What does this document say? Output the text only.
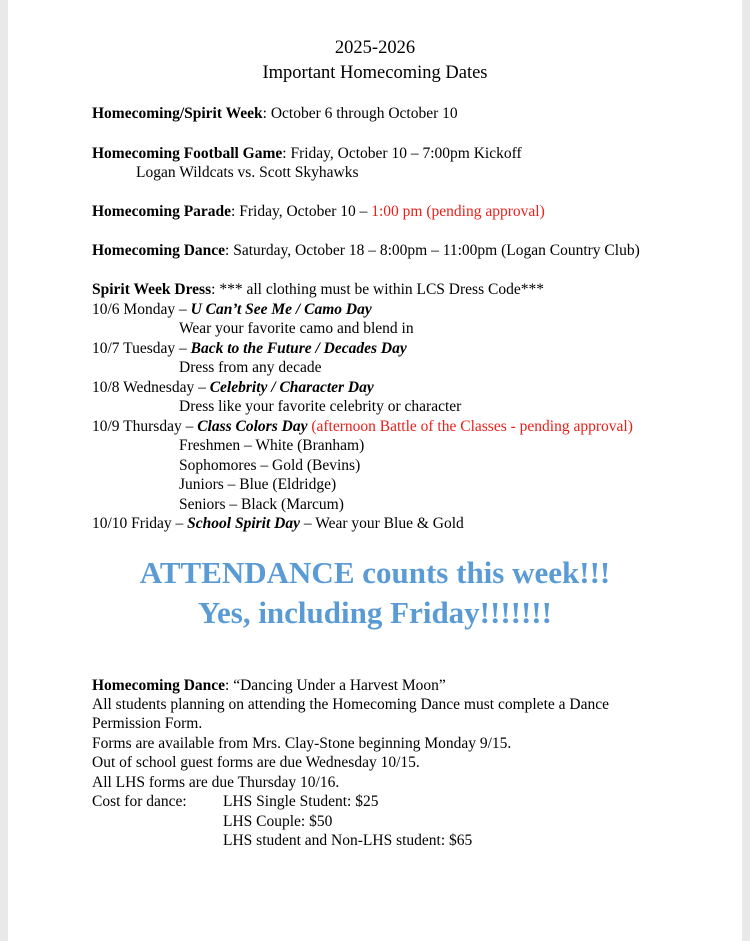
2025-2026
Important Homecoming Dates
Homecoming/Spirit Week: October 6 through October 10
Homecoming Football Game: Friday, October 10 – 7:00pm Kickoff
Logan Wildcats vs. Scott Skyhawks
Homecoming Parade: Friday, October 10 – 1:00 pm (pending approval)
Homecoming Dance: Saturday, October 18 – 8:00pm – 11:00pm (Logan Country Club)
Spirit Week Dress: *** all clothing must be within LCS Dress Code***
10/6 Monday – U Can’t See Me / Camo Day
Wear your favorite camo and blend in
10/7 Tuesday – Back to the Future / Decades Day
Dress from any decade
10/8 Wednesday – Celebrity / Character Day
Dress like your favorite celebrity or character
10/9 Thursday – Class Colors Day (afternoon Battle of the Classes - pending approval)
Freshmen – White (Branham)
Sophomores – Gold (Bevins)
Juniors – Blue (Eldridge)
Seniors – Black (Marcum)
10/10 Friday – School Spirit Day – Wear your Blue & Gold
ATTENDANCE counts this week!!!
Yes, including Friday!!!!!!!
Homecoming Dance: “Dancing Under a Harvest Moon”
All students planning on attending the Homecoming Dance must complete a Dance
Permission Form.
Forms are available from Mrs. Clay-Stone beginning Monday 9/15.
Out of school guest forms are due Wednesday 10/15.
All LHS forms are due Thursday 10/16.
Cost for dance: LHS Single Student: $25
LHS Couple: $50
LHS student and Non-LHS student: $65
